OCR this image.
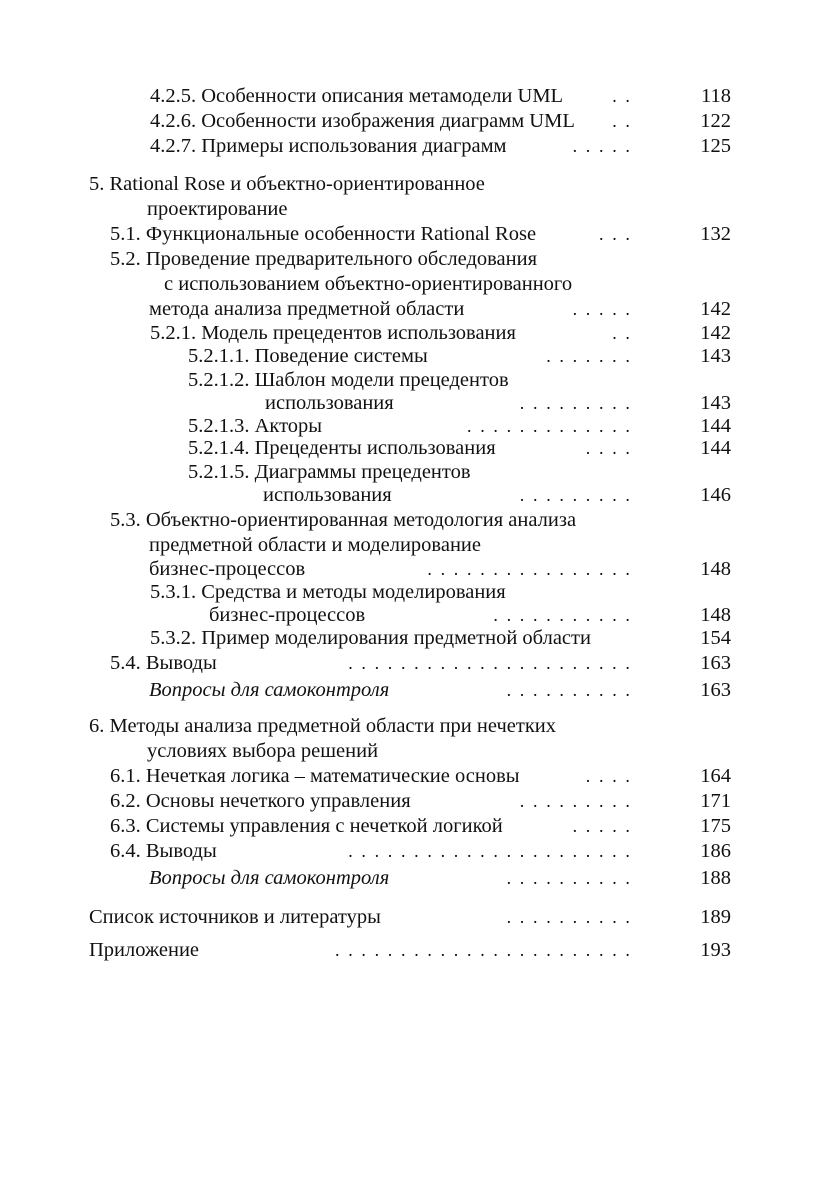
4.2.5. Особенности описания метамодели UML	. .	118
4.2.6. Особенности изображения диаграмм UML	. .	122
4.2.7. Примеры использования диаграмм	. . . . .	125
5. Rational Rose и объектно-ориентированное
проектирование
5.1. Функциональные особенности Rational Rose	. . .	132
5.2. Проведение предварительного обследования
с использованием объектно-ориентированного
метода анализа предметной области	. . . . .	142
5.2.1. Модель прецедентов использования	. .	142
5.2.1.1. Поведение системы	. . . . . . .	143
5.2.1.2. Шаблон модели прецедентов
использования	. . . . . . . . .	143
5.2.1.3. Акторы	. . . . . . . . . . . . .	144
5.2.1.4. Прецеденты использования	. . . .	144
5.2.1.5. Диаграммы прецедентов
использования	. . . . . . . . .	146
5.3. Объектно-ориентированная методология анализа
предметной области и моделирование
бизнес-процессов	. . . . . . . . . . . . . . . .	148
5.3.1. Средства и методы моделирования
бизнес-процессов	. . . . . . . . . . .	148
5.3.2. Пример моделирования предметной области	154
5.4. Выводы	. . . . . . . . . . . . . . . . . . . . . .	163
Вопросы для самоконтроля	. . . . . . . . . .	163
6. Методы анализа предметной области при нечетких
условиях выбора решений
6.1. Нечеткая логика – математические основы	. . . .	164
6.2. Основы нечеткого управления	. . . . . . . . .	171
6.3. Системы управления с нечеткой логикой	. . . . .	175
6.4. Выводы	. . . . . . . . . . . . . . . . . . . . . .	186
Вопросы для самоконтроля	. . . . . . . . . .	188
Список источников и литературы	. . . . . . . . . .	189
Приложение	. . . . . . . . . . . . . . . . . . . . . . .	193
